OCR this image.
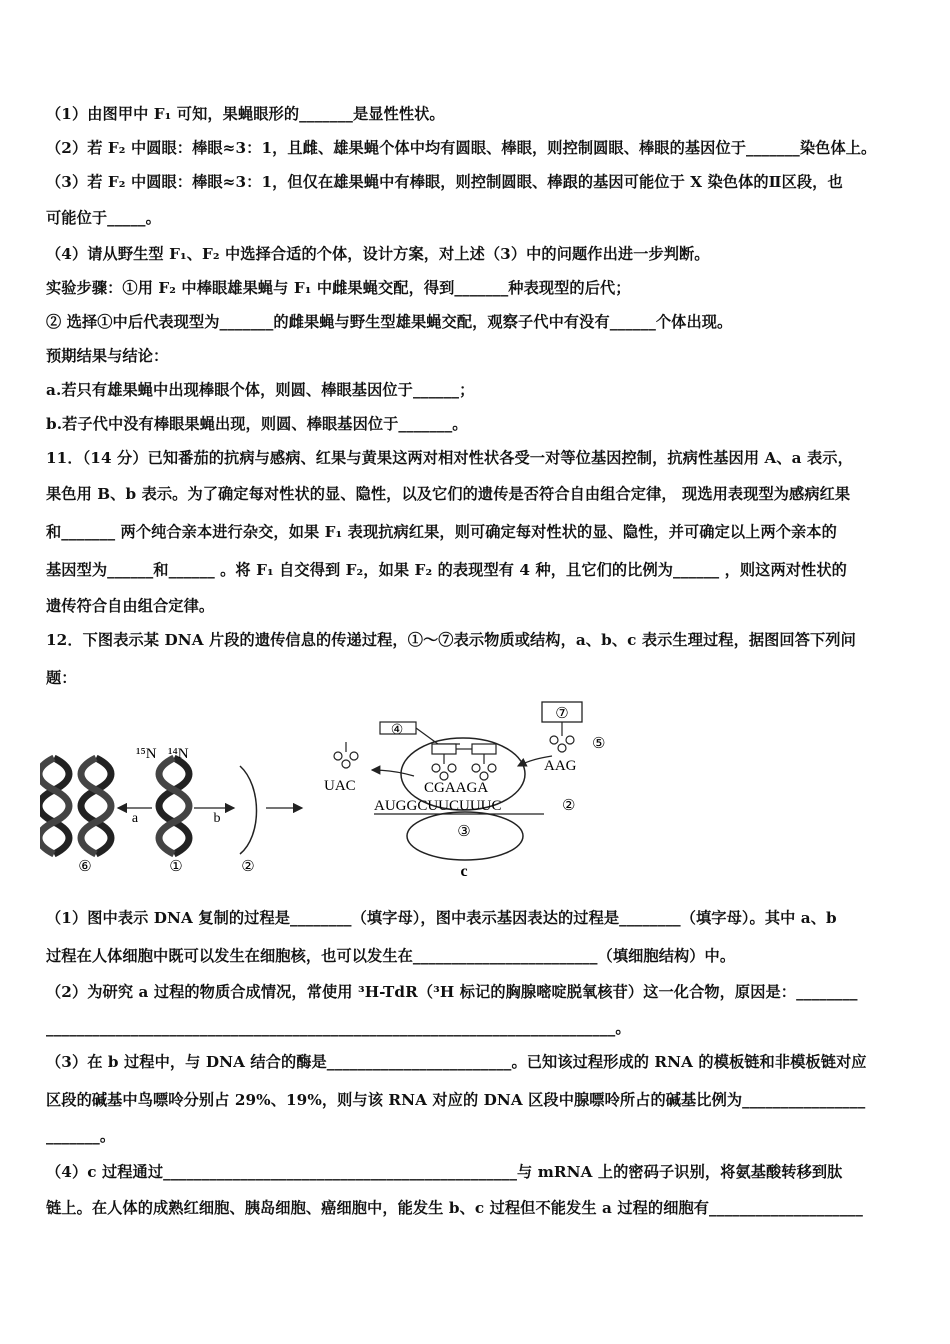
（1）由图甲中 F₁ 可知，果蝇眼形的_______是显性性状。
（2）若 F₂ 中圆眼：棒眼≈3：1，且雌、雄果蝇个体中均有圆眼、棒眼，则控制圆眼、棒眼的基因位于_______染色体上。
（3）若 F₂ 中圆眼：棒眼≈3：1，但仅在雄果蝇中有棒眼，则控制圆眼、棒跟的基因可能位于 X 染色体的Ⅱ区段，也
可能位于_____。
（4）请从野生型 F₁、F₂ 中选择合适的个体，设计方案，对上述（3）中的问题作出进一步判断。
实验步骤：①用 F₂ 中棒眼雄果蝇与 F₁ 中雌果蝇交配，得到_______种表现型的后代；
② 选择①中后代表现型为_______的雌果蝇与野生型雄果蝇交配，观察子代中有没有______个体出现。
预期结果与结论：
a.若只有雄果蝇中出现棒眼个体，则圆、棒眼基因位于______；
b.若子代中没有棒眼果蝇出现，则圆、棒眼基因位于_______。
11．（14 分）已知番茄的抗病与感病、红果与黄果这两对相对性状各受一对等位基因控制，抗病性基因用 A、a 表示，
果色用 B、b 表示。为了确定每对性状的显、隐性，以及它们的遗传是否符合自由组合定律， 现选用表现型为感病红果
和_______ 两个纯合亲本进行杂交，如果 F₁ 表现抗病红果，则可确定每对性状的显、隐性，并可确定以上两个亲本的
基因型为______和______ 。将 F₁ 自交得到 F₂，如果 F₂ 的表现型有 4 种，且它们的比例为______ ，则这两对性状的
遗传符合自由组合定律。
12．下图表示某 DNA 片段的遗传信息的传递过程，①～⑦表示物质或结构，a、b、c 表示生理过程，据图回答下列问
题：
¹⁵N ¹⁴N
a	b
⑥	①	②
④
⑦
⑤
AAG
UAC	CGAAGA
AUGGCUUCUUUC	②
③
c
（1）图中表示 DNA 复制的过程是________（填字母），图中表示基因表达的过程是________（填字母）。其中 a、b
过程在人体细胞中既可以发生在细胞核，也可以发生在________________________（填细胞结构）中。
（2）为研究 a 过程的物质合成情况，常使用 ³H-TdR（³H 标记的胸腺嘧啶脱氧核苷）这一化合物，原因是：________
__________________________________________________________________________。
（3）在 b 过程中，与 DNA 结合的酶是________________________。已知该过程形成的 RNA 的模板链和非模板链对应
区段的碱基中鸟嘌呤分别占 29%、19%，则与该 RNA 对应的 DNA 区段中腺嘌呤所占的碱基比例为________________
_______。
（4）c 过程通过______________________________________________与 mRNA 上的密码子识别，将氨基酸转移到肽
链上。在人体的成熟红细胞、胰岛细胞、癌细胞中，能发生 b、c 过程但不能发生 a 过程的细胞有____________________
